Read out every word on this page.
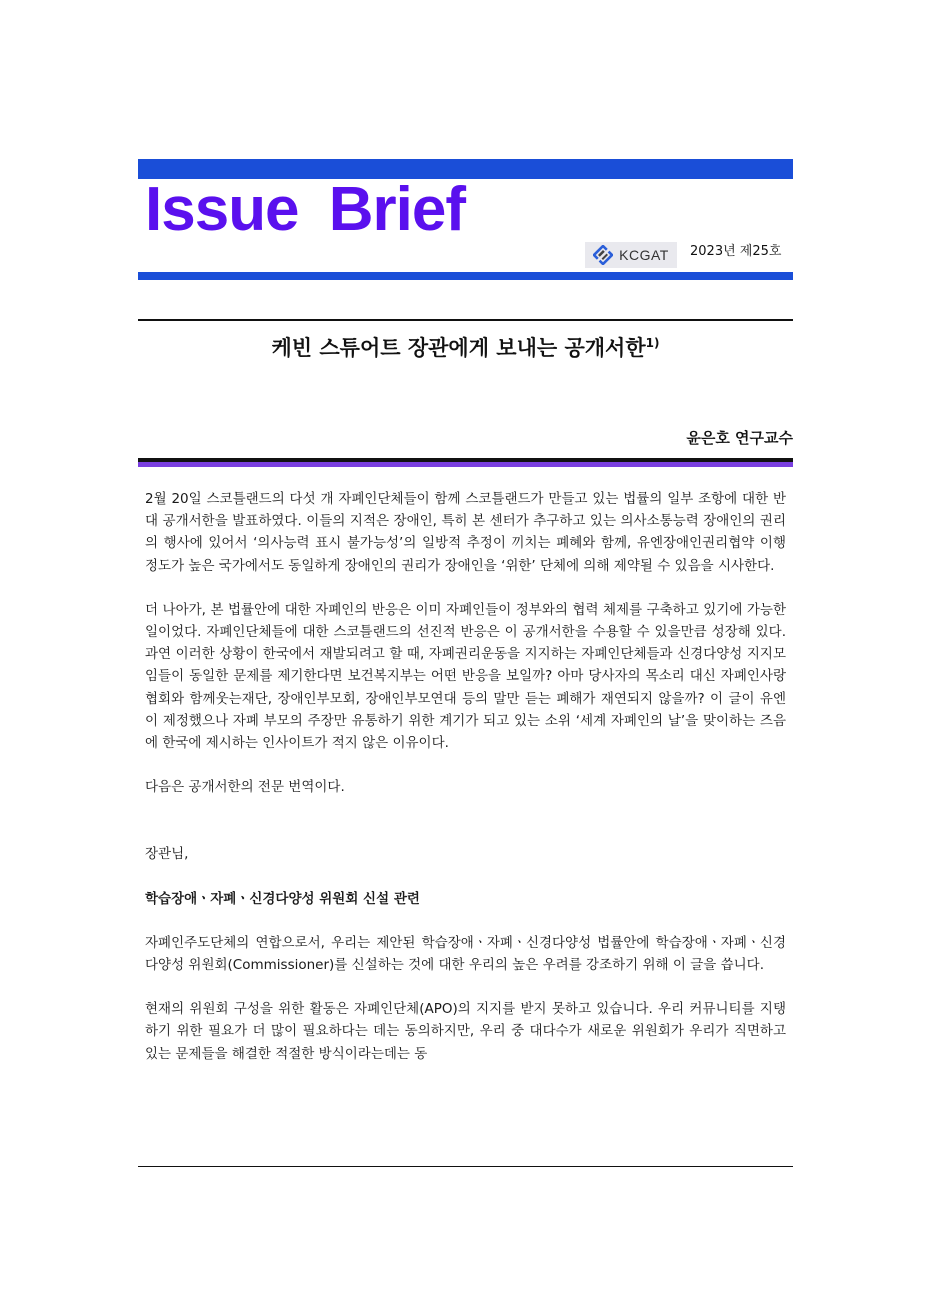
Issue Brief
KCGAT 2023년 제25호
케빈 스튜어트 장관에게 보내는 공개서한$^{1)}$
윤은호 연구교수

2월 20일 스코틀랜드의 다섯 개 자폐인단체들이 함께 스코틀랜드가 만들고 있는 법률의 일부 조항에 대한 반대 공개서한을 발표하였다. 이들의 지적은 장애인, 특히 본 센터가 추구하고 있는 의사소통능력 장애인의 권리의 행사에 있어서 ‘의사능력 표시 불가능성’의 일방적 추정이 끼치는 폐혜와 함께, 유엔장애인권리협약 이행 정도가 높은 국가에서도 동일하게 장애인의 권리가 장애인을 ‘위한’ 단체에 의해 제약될 수 있음을 시사한다.

더 나아가, 본 법률안에 대한 자폐인의 반응은 이미 자폐인들이 정부와의 협력 체제를 구축하고 있기에 가능한 일이었다. 자폐인단체들에 대한 스코틀랜드의 선진적 반응은 이 공개서한을 수용할 수 있을만큼 성장해 있다. 과연 이러한 상황이 한국에서 재발되려고 할 때, 자폐권리운동을 지지하는 자폐인단체들과 신경다양성 지지모임들이 동일한 문제를 제기한다면 보건복지부는 어떤 반응을 보일까? 아마 당사자의 목소리 대신 자폐인사랑협회와 함께웃는재단, 장애인부모회, 장애인부모연대 등의 말만 듣는 폐해가 재연되지 않을까? 이 글이 유엔이 제정했으나 자폐 부모의 주장만 유통하기 위한 계기가 되고 있는 소위 ‘세계 자폐인의 날’을 맞이하는 즈음에 한국에 제시하는 인사이트가 적지 않은 이유이다.

다음은 공개서한의 전문 번역이다.

장관님,

학습장애ㆍ자폐ㆍ신경다양성 위원회 신설 관련

자폐인주도단체의 연합으로서, 우리는 제안된 학습장애ㆍ자폐ㆍ신경다양성 법률안에 학습장애ㆍ자폐ㆍ신경다양성 위원회(Commissioner)를 신설하는 것에 대한 우리의 높은 우려를 강조하기 위해 이 글을 씁니다.

현재의 위원회 구성을 위한 활동은 자폐인단체(APO)의 지지를 받지 못하고 있습니다. 우리 커뮤니티를 지탱하기 위한 필요가 더 많이 필요하다는 데는 동의하지만, 우리 중 대다수가 새로운 위원회가 우리가 직면하고 있는 문제들을 해결한 적절한 방식이라는데는 동
